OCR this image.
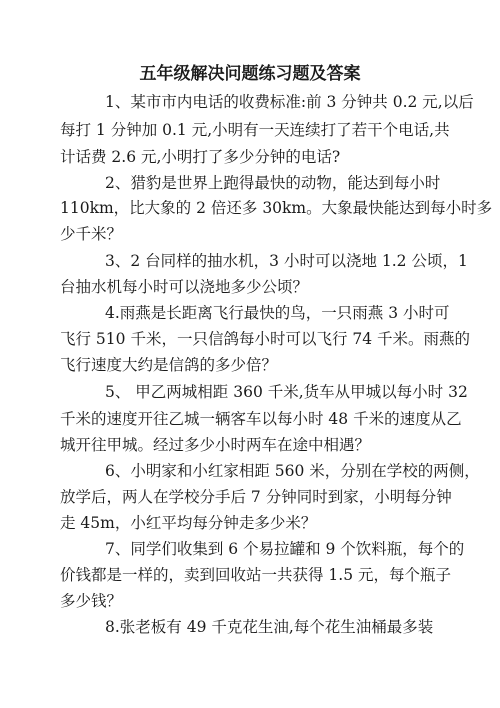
五年级解决问题练习题及答案
1、某市市内电话的收费标准:前 3 分钟共 0.2 元,以后
每打 1 分钟加 0.1 元,小明有一天连续打了若干个电话,共
计话费 2.6 元,小明打了多少分钟的电话?
2、猎豹是世界上跑得最快的动物，能达到每小时
110km，比大象的 2 倍还多 30km。大象最快能达到每小时多
少千米？
3、2 台同样的抽水机，3 小时可以浇地 1.2 公顷，1
台抽水机每小时可以浇地多少公顷？
4.雨燕是长距离飞行最快的鸟，一只雨燕 3 小时可
飞行 510 千米，一只信鸽每小时可以飞行 74 千米。雨燕的
飞行速度大约是信鸽的多少倍？
5、 甲乙两城相距 360 千米,货车从甲城以每小时 32
千米的速度开往乙城一辆客车以每小时 48 千米的速度从乙
城开往甲城。经过多少小时两车在途中相遇？
6、小明家和小红家相距 560 米，分别在学校的两侧，
放学后，两人在学校分手后 7 分钟同时到家，小明每分钟
走 45m，小红平均每分钟走多少米？
7、同学们收集到 6 个易拉罐和 9 个饮料瓶，每个的
价钱都是一样的，卖到回收站一共获得 1.5 元，每个瓶子
多少钱？
8.张老板有 49 千克花生油,每个花生油桶最多装
